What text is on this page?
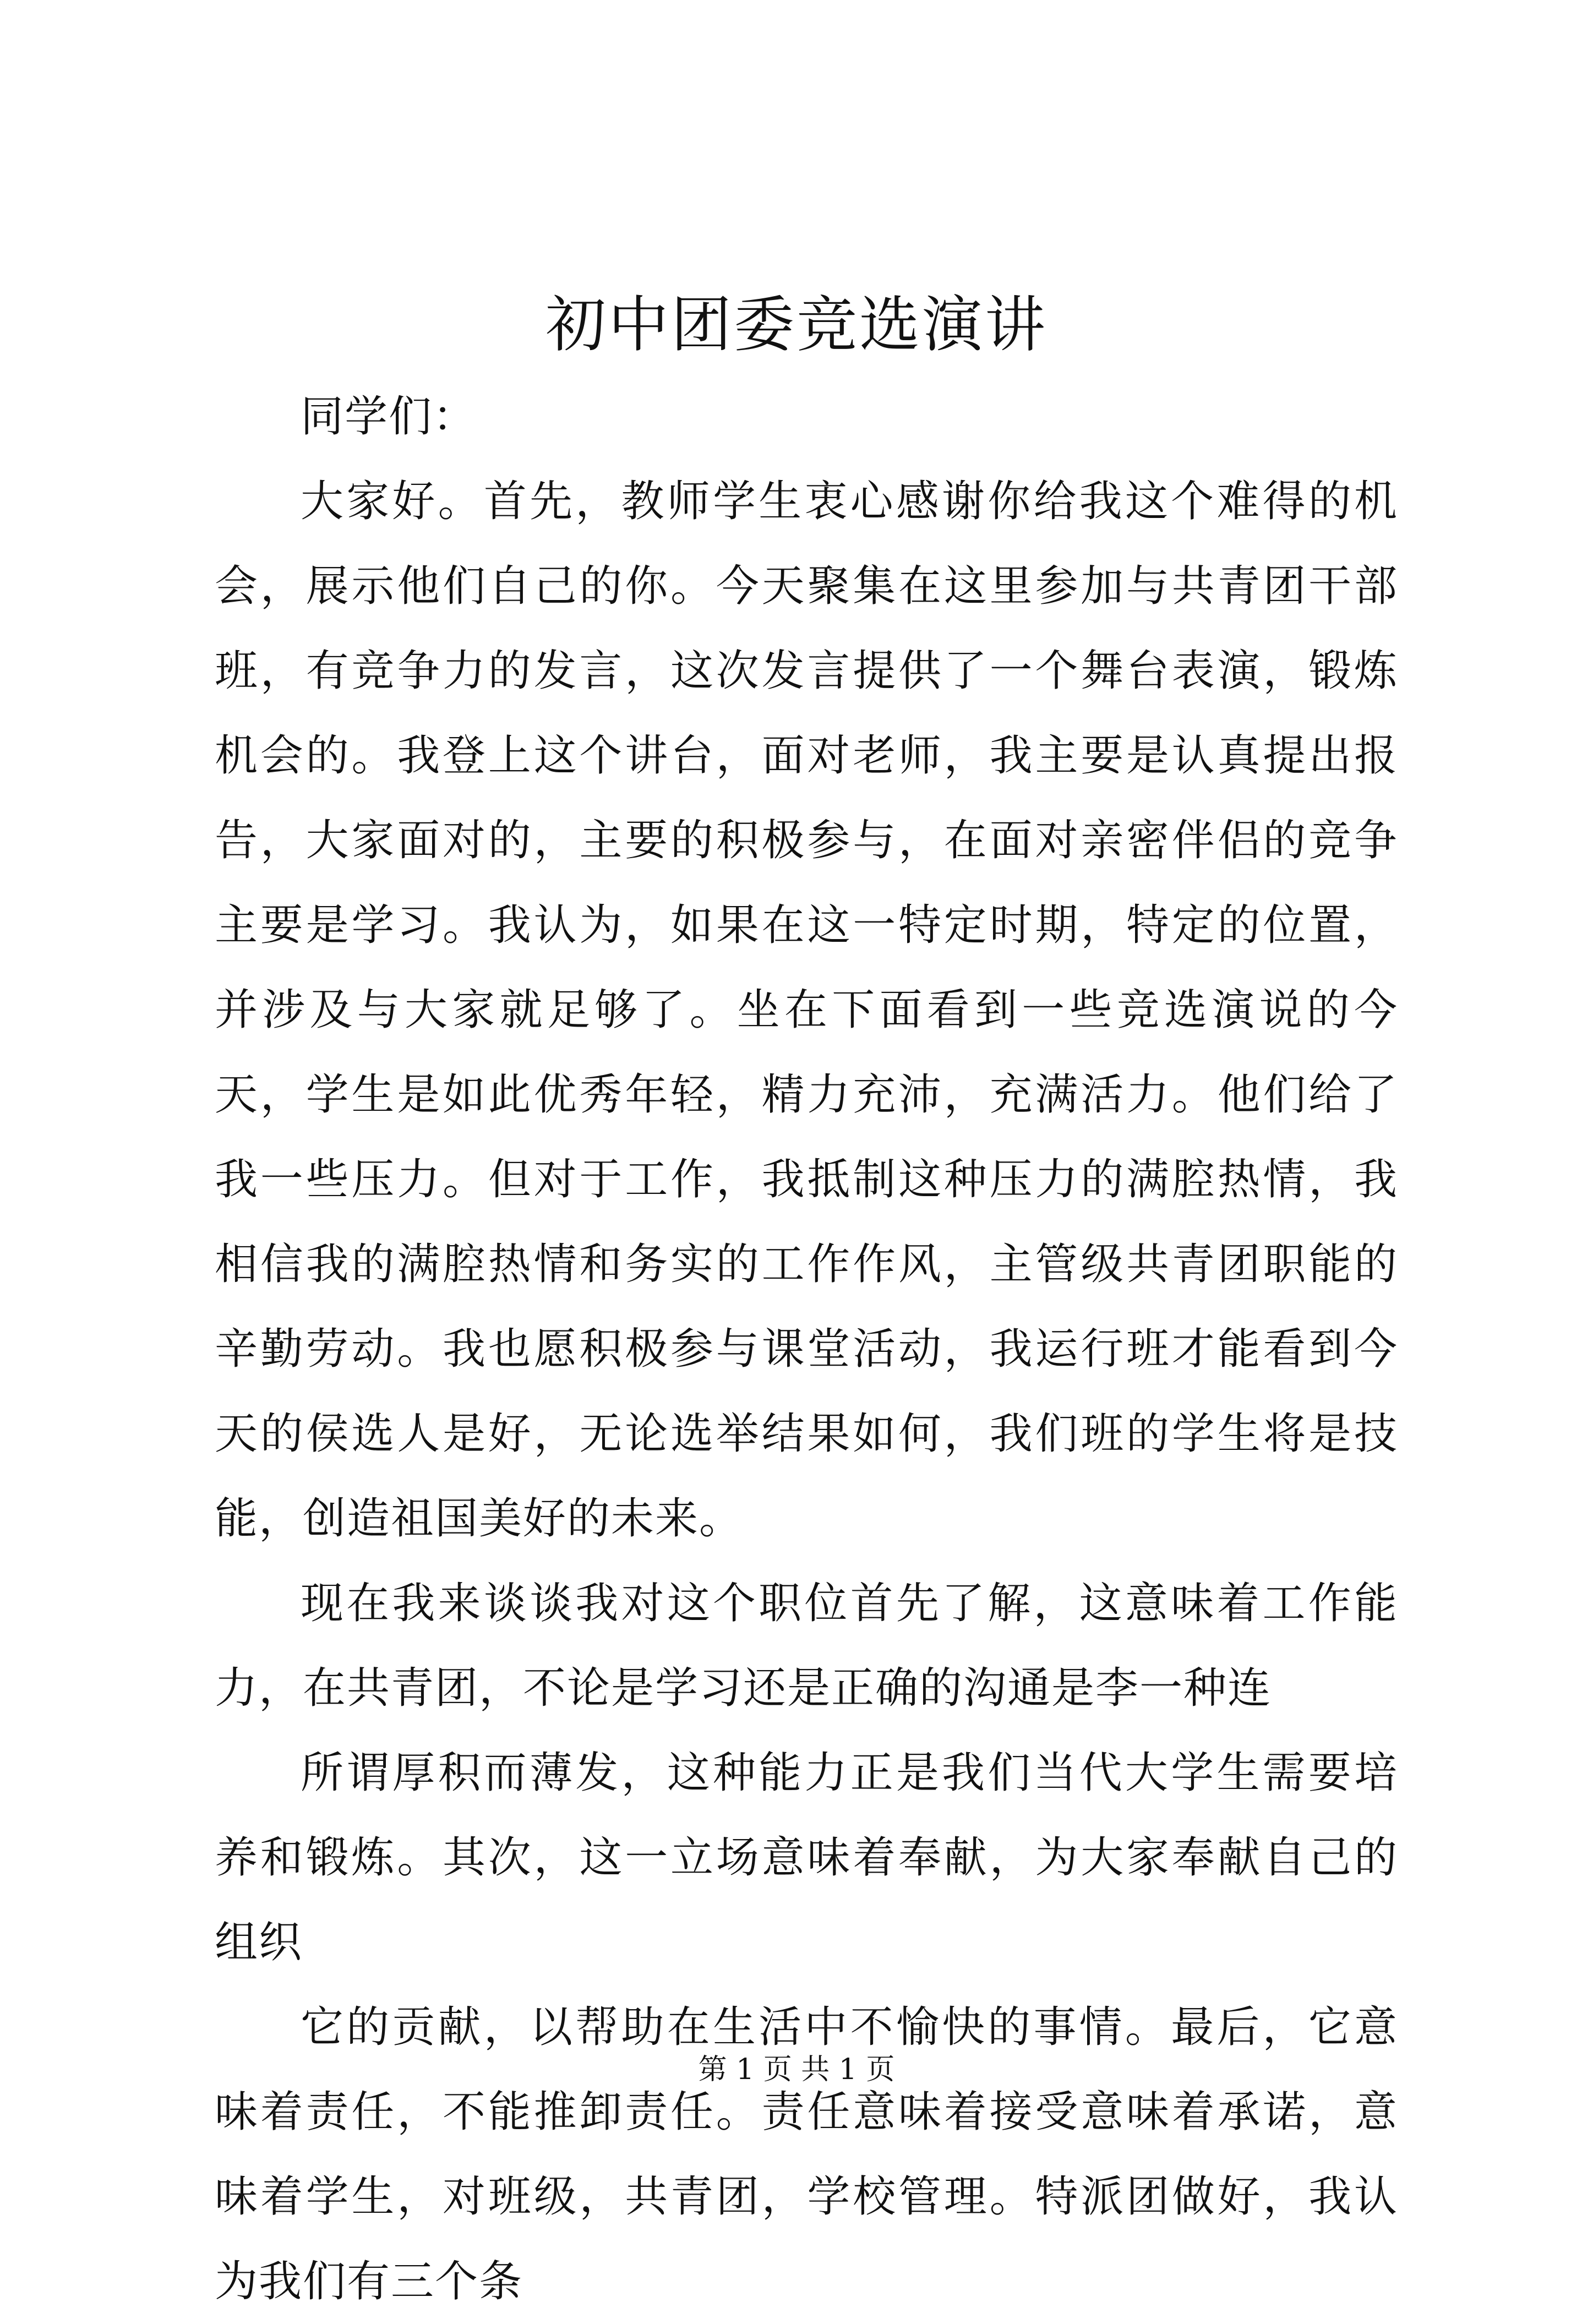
初中团委竞选演讲

同学们：

大家好。首先，教师学生衷心感谢你给我这个难得的机会，展示他们自己的你。今天聚集在这里参加与共青团干部班，有竞争力的发言，这次发言提供了一个舞台表演，锻炼机会的。我登上这个讲台，面对老师，我主要是认真提出报告，大家面对的，主要的积极参与，在面对亲密伴侣的竞争主要是学习。我认为，如果在这一特定时期，特定的位置，并涉及与大家就足够了。坐在下面看到一些竞选演说的今天，学生是如此优秀年轻，精力充沛，充满活力。他们给了我一些压力。但对于工作，我抵制这种压力的满腔热情，我相信我的满腔热情和务实的工作作风，主管级共青团职能的辛勤劳动。我也愿积极参与课堂活动，我运行班才能看到今天的侯选人是好，无论选举结果如何，我们班的学生将是技能，创造祖国美好的未来。

现在我来谈谈我对这个职位首先了解，这意味着工作能力，在共青团，不论是学习还是正确的沟通是李一种连

所谓厚积而薄发，这种能力正是我们当代大学生需要培养和锻炼。其次，这一立场意味着奉献，为大家奉献自己的组织

它的贡献，以帮助在生活中不愉快的事情。最后，它意味着责任，不能推卸责任。责任意味着接受意味着承诺，意味着学生，对班级，共青团，学校管理。特派团做好，我认为我们有三个条

第 1 页 共 1 页
